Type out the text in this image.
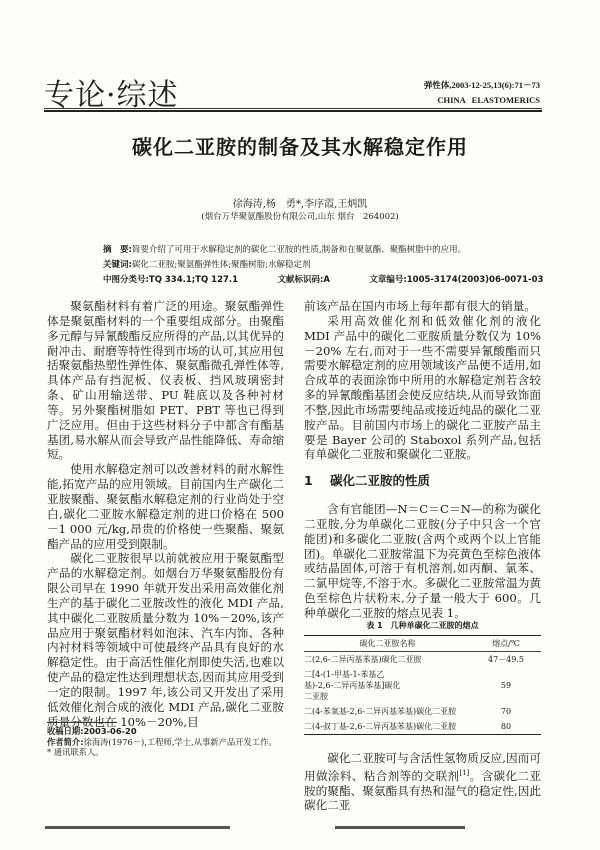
专论·综述	弹性体,2003-12-25,13(6):71－73
CHINA   ELASTOMERICS
碳化二亚胺的制备及其水解稳定作用
徐海涛,杨　勇*,李序霞,王炳凯
(烟台万华聚氨酯股份有限公司,山东 烟台　264002)
摘　要:简要介绍了可用于水解稳定剂的碳化二亚胺的性质,制备和在聚氨酯、聚酯树脂中的应用。
关键词:碳化二亚胺;聚氨酯弹性体;聚酯树脂;水解稳定剂
中图分类号:TQ 334.1;TQ 127.1	文献标识码:A	文章编号:1005-3174(2003)06-0071-03

聚氨酯材料有着广泛的用途。聚氨酯弹性体是聚氨酯材料的一个重要组成部分。由聚酯多元醇与异氰酸酯反应所得的产品,以其优异的耐冲击、耐磨等特性得到市场的认可,其应用包括聚氨酯热塑性弹性体、聚氨酯微孔弹性体等,具体产品有挡泥板、仪表板、挡风玻璃密封条、矿山用输送带、PU 鞋底以及各种衬材等。另外聚酯树脂如 PET、PBT 等也已得到广泛应用。但由于这些材料分子中都含有酯基基团,易水解从而会导致产品性能降低、寿命缩短。

使用水解稳定剂可以改善材料的耐水解性能,拓宽产品的应用领域。目前国内生产碳化二亚胺聚酯、聚氨酯水解稳定剂的行业尚处于空白,碳化二亚胺水解稳定剂的进口价格在 500－1 000 元/kg,昂贵的价格使一些聚酯、聚氨酯产品的应用受到限制。

碳化二亚胺很早以前就被应用于聚氨酯型产品的水解稳定剂。如烟台万华聚氨酯股份有限公司早在 1990 年就开发出采用高效催化剂生产的基于碳化二亚胺改性的液化 MDI 产品,其中碳化二亚胺质量分数为 10%－20%,该产品应用于聚氨酯材料如泡沫、汽车内饰、各种内衬材料等领域中可使最终产品具有良好的水解稳定性。由于高活性催化剂即使失活,也难以使产品的稳定性达到理想状态,因而其应用受到一定的限制。1997 年,该公司又开发出了采用低效催化剂合成的液化 MDI 产品,碳化二亚胺质量分数也在 10%－20%,目

前该产品在国内市场上每年都有很大的销量。

采用高效催化剂和低效催化剂的液化 MDI 产品中的碳化二亚胺质量分数仅为 10%－20% 左右,而对于一些不需要异氰酸酯而只需要水解稳定剂的应用领域该产品便不适用,如合成革的表面涂饰中所用的水解稳定剂若含较多的异氰酸酯基团会使反应结块,从而导致饰面不整,因此市场需要纯品或接近纯品的碳化二亚胺产品。目前国内市场上的碳化二亚胺产品主要是 Bayer 公司的 Staboxol 系列产品,包括有单碳化二亚胺和聚碳化二亚胺。

1 碳化二亚胺的性质

含有官能团—N＝C＝C＝N—的称为碳化二亚胺,分为单碳化二亚胺(分子中只含一个官能团)和多碳化二亚胺(含两个或两个以上官能团)。单碳化二亚胺常温下为亮黄色至棕色液体或结晶固体,可溶于有机溶剂,如丙酮、氯苯、二氯甲烷等,不溶于水。多碳化二亚胺常温为黄色至棕色片状粉末,分子量一般大于 600。几种单碳化二亚胺的熔点见表 1。

表 1　几种单碳化二亚胺的熔点
碳化二亚胺名称	熔点/℃
二(2,6-二异丙基苯基)碳化二亚胺	47－49.5
二[4-(1-甲基-1-苯基乙基)-2,6-二异丙基苯基]碳化二亚胺	59
二(4-苯氧基-2,6-二异丙基苯基)碳化二亚胺	70
二(4-叔丁基-2,6-二异丙基苯基)碳化二亚胺	80

碳化二亚胺可与含活性氢物质反应,因而可用做涂料、粘合剂等的交联剂[1]。含碳化二亚胺的聚酯、聚氨酯具有热和湿气的稳定性,因此碳化二亚

收稿日期:2003-06-20
作者简介:徐海涛(1976－),工程师,学士,从事新产品开发工作。
* 通讯联系人。
